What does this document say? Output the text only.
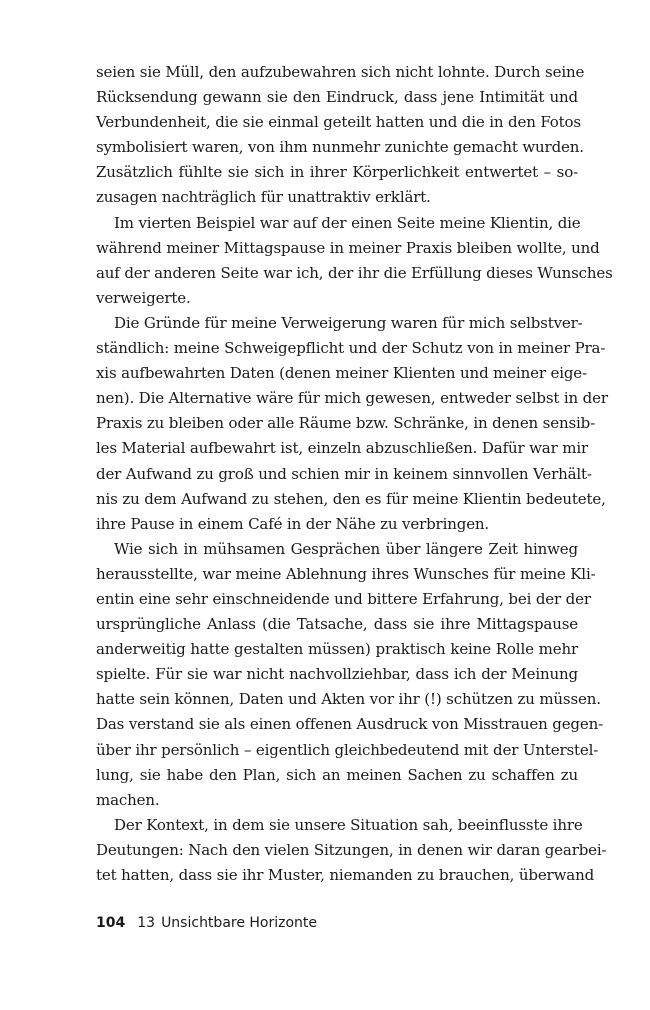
seien sie Müll, den aufzubewahren sich nicht lohnte. Durch seine
Rücksendung gewann sie den Eindruck, dass jene Intimität und
Verbundenheit, die sie einmal geteilt hatten und die in den Fotos
symbolisiert waren, von ihm nunmehr zunichte gemacht wurden.
Zusätzlich fühlte sie sich in ihrer Körperlichkeit entwertet – so-
zusagen nachträglich für unattraktiv erklärt.
Im vierten Beispiel war auf der einen Seite meine Klientin, die
während meiner Mittagspause in meiner Praxis bleiben wollte, und
auf der anderen Seite war ich, der ihr die Erfüllung dieses Wunsches
verweigerte.
Die Gründe für meine Verweigerung waren für mich selbstver-
ständlich: meine Schweigepflicht und der Schutz von in meiner Pra-
xis aufbewahrten Daten (denen meiner Klienten und meiner eige-
nen). Die Alternative wäre für mich gewesen, entweder selbst in der
Praxis zu bleiben oder alle Räume bzw. Schränke, in denen sensib-
les Material aufbewahrt ist, einzeln abzuschließen. Dafür war mir
der Aufwand zu groß und schien mir in keinem sinnvollen Verhält-
nis zu dem Aufwand zu stehen, den es für meine Klientin bedeutete,
ihre Pause in einem Café in der Nähe zu verbringen.
Wie sich in mühsamen Gesprächen über längere Zeit hinweg
herausstellte, war meine Ablehnung ihres Wunsches für meine Kli-
entin eine sehr einschneidende und bittere Erfahrung, bei der der
ursprüngliche Anlass (die Tatsache, dass sie ihre Mittagspause
anderweitig hatte gestalten müssen) praktisch keine Rolle mehr
spielte. Für sie war nicht nachvollziehbar, dass ich der Meinung
hatte sein können, Daten und Akten vor ihr (!) schützen zu müssen.
Das verstand sie als einen offenen Ausdruck von Misstrauen gegen-
über ihr persönlich – eigentlich gleichbedeutend mit der Unterstel-
lung, sie habe den Plan, sich an meinen Sachen zu schaffen zu
machen.
Der Kontext, in dem sie unsere Situation sah, beeinflusste ihre
Deutungen: Nach den vielen Sitzungen, in denen wir daran gearbei-
tet hatten, dass sie ihr Muster, niemanden zu brauchen, überwand
104 13 Unsichtbare Horizonte
